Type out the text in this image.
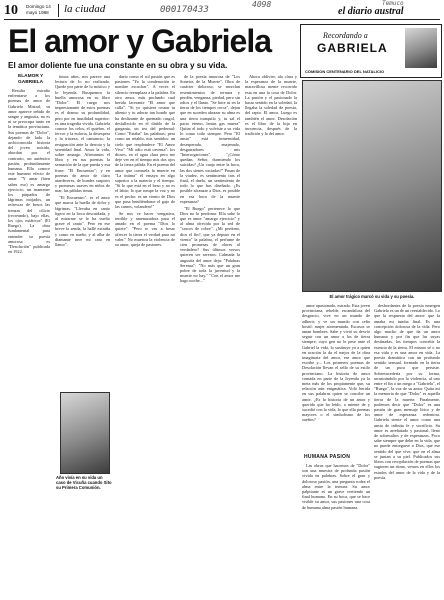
10 Domingo 14
mayo 1988 la ciudad	000170433
4098	Temuco
el diario austral
El amor y Gabriela
El amor doliente fue una constante en su obra y su vida.
Recordando a
GABRIELA
COMISION CENTENARIO DEL NATALICIO
ELAMOR Y
GABRIELA

Resulta extraño enfrentarse a los poemas de amor de Gabriela Mistral, su amor aparece teñido de sangre y angustia, no es ni se preocupa tanto en la temática provinciana. Sus poemas de "Dolor", dejando de lado la archiconocida historia del joven suicida, abordan por el contrario, un auténtico pasión, profundamente humana. Ella conoce este humano efecto de amar. "Y amar (bien sabes eso) es amargo ejercicio; un mantener los párpados de lágrimas mojados, un refrescar de besos las trenzas del cilicio (recreando), bajo ellas, los ojos extáticos" (El Ruego). La obra fundamental para entender su poesía amorosa es "Desolación" publicada en 1922.

timos años, nos parece una lectura de lo no realizado. Quede por parte de lo místico y lo leyenda. Busquemos la huella amorosa en su libro "Dolor". El ruego nos impresionante de estos poemas es el drama: su profundidad, pero por en inutilidad superior: es una tragedia vivida. Gabriela conoce los celos, el quiebro, el fervor y la euforia, la desespera y la tristeza, el cansancio, la resignación ante la derrota y la serenidad final. Amor la vida, sobre amargo. Afirmamos el libro y en sus poemas la sensación de la que pueda y esa frase: "El Encuentro"; y en poemas de amor de claro atardeceres, de bondes suspiros y promesas suaves en niños de mar, las pálidas rimas.

"El Encuentro", es el amor que marca la huella de dolor y lágrimas. "Llevaba en canto ligero en la boca descuidada, y al mirarme se le ha vuelto grave el canto". Pero en ese breve la senda, la hallé extraña y como en sueño, y al alba de diamante tuve mi cara en llanto".

Año vivía en su vida un caso de Vicuña cuando Sito su Primera Comunión.

dario como el sol pasión que es pasiones "Yo la condenación te nombre escuchar". A veces el silencio reemplaza a la palabra. En otro amor, más profundo cual herida lacerante "El amor que calla". "Si yo quisiera rosnar tu aliento y tu adorar tan hondo que ha deslizante de quemado rasgol, desfallecido en el diablo de la garganta, un tea del pedernal: Como "Estaba" las palabras; pera como un retablo, mis sentidos: un cielo que resplandece "El Amor Vivo" "Mi odio está caventa": los dioses, en el agua clara pero me deje ver en el tiempo mis dos ojos de la tierra pálida. En el poema del amor que consuela la muerte en "La íntima" él ensaya en algo superior a la materia y el tiempo. "Si lo que está en el beso y no es el labio; lo que rompe la voz y no es el pecho: es un viento de Dios que pasa hendiéndome el gajo de las carnes, volandero!"

Se nos ve hacer vengativa, terrible y amenazadora para el amado en el poema "Dios lo quiere". "Pero te vas a besar ofrecer la tierra el verdad para mi valer." No muestra la violencia de su amor, queja de pasiones.

de la poesía amorosa de "Los Sonetos de la Muerte". Obra de carácter doloroso, se mezclan resentimientos de ternura y perdón, venganza, piedad, pero sin odios y el llanto. "Se hace tu en la tierra de los tiempos cerca", dejan que en suceden abrazar su alma es una tierra tranquilo y, tu sal el pacto eterno, lentas gas muera" Quitar el todo y volviste a su vida lo como todo siempre. Pero "El ansia" está inmensidad, desesperada, enajenado, desgarradores mis "Interrogaciones". "¿Cómo quedan, Señor, durmiendo los suicidas? ¿Un cuajo entre la boca, las dos sienes vaciadas?" Pasan de la viudez, es sentimiento tras el final, el duelo, un sentimiento de todo lo que has diseñado. ¿Es posible alcanzar a Dios, es posible en esa hora de la muerte esperanza?

"El Ruego" pertenece lo que Dios no lo perdonar. Ella sabe lo que es amor "amargo ejercicio" y al alma ofrecida por la sed de "cascos de cobre". ¿Mi perdono, dios el fin?, que ya depuso en el viento" la palabra, el perfume de cien promesas de olores al verdadero? Sus últimos versos quieren ser serenos. Calmada la angustia del amor deja: "Palabras Serenas": "No más que un gran pobre de toda la juventud y la muerte no hay." "Con el amor me hago noche..."

Ahora oblivier, ala clara y la esperanza de la muerte, maravillosa mente recorrido esta en una la cosa de Dolor. La pasión y el pasionado la hasta sentido en la soledad, la llegaba la soledad de poesía, del rapto. El amor. Luego es también el amor. Desolación es el libro de la hija en inocencia, después de la tradición y la del amor.

El amor trágico marcó su vida y su poesía.

amor apasionado, estrado. Esta joven provinciana, rebelde, escandalosa del desgracio, vive en un mundo de adherir, y ve un mundo con ceño hostil: mujer atormentada. Escasos se aman hombres. Sabe y vivió su desvío seguir con un amor a los de tierra siempre, cuyo gen no le pese ante el Gabriel la vida, lo sustituye ya a quien en oración la da el mejor de la obra imaginaria del amor, ese amor que escribe y... Los primeros poemas de Desolación llevan el sello de su estilo provinciano. La historia de amor contada en parte de la leyenda ya la meta más de los propiamente que, su relación aún enigmática. Voló herida en sus palabras quien se concibe un amor. ¿Es la historia de un amor y querido que ha leído, a miente de y sucedió con la vida, lo que ella poemas mayores o el simbolismo de los sueños?

HUMANA PASION

Las obras que hacemos de "Dolor" son una muestra de profunda pasión vivida en palabras. Sobre el gran y doloroso pasión, una pregunta rodea el alma entre la ternura. Su amor palpitante es un grave vertiendo un final humano. En su boca, que se hace visible su amor, sus pasiones una cosa de humana alma pasión humana.

desbordantes de la poesía emergen Gabriela es un de un reestablecido. Lo que la respuesta del amor: que la amaba mi tumba final. Es una concepción dolorosa de la vida. Pero algo mucho de que da un amor humano y por fin que las suyas destinadas, los tiempos concebir la esencia de la tierra. El mismo sé o no esa vida y es una amor en vida. La poesía dramática con un profundo sentido sensual, formado en la tierra de un pura que persiste. Sobresucedería por su forma, arrastrándolo por la violencia, al uno entre el fin o un ruego a "Gabriela", el "Ruego", la voz de su amor. Quita así la memoria de que "Dolor" es aquella tierra de la muerte. Finalmente, podemos decir que "Dolor" es una pasión de gran mensaje lírico y de amor de esperanza redentora. Gabriela siente el amor como una ansia de infinita fe y sacrificio. Su amor es arrebatado y pasional, lleno de sobresaltos y de esperanzas. Poco sabe siempre que debe en la vida, que no puede entregarse a Dios, que ese sentido del que vive, que en el alma se juntan a su piel. Publicados sus libros con recopilación de poemas que sugieren un ritmo, vemos en ellos los estados del amor de la vida y de la poesía.
